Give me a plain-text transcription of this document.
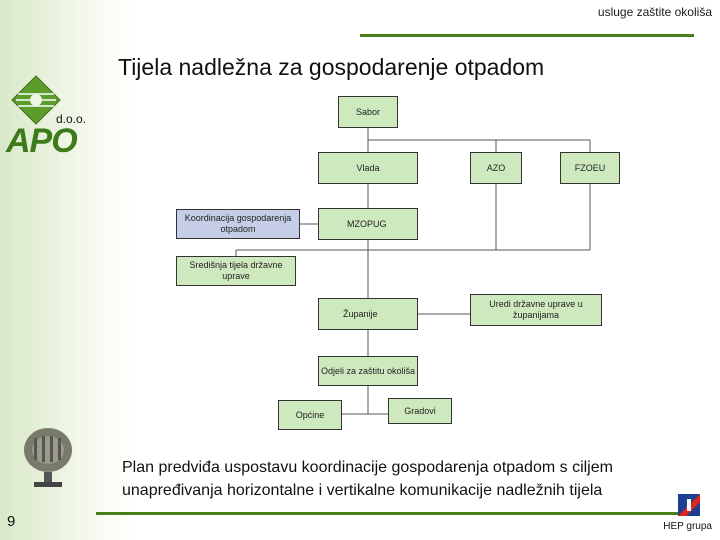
usluge zaštite okoliša
Tijela nadležna za gospodarenje otpadom
APO
d.o.o.
Sabor
Vlada	AZO	FZOEU
MZOPUG
Koordinacija gospodarenja otpadom
Središnja tijela državne uprave
Županije
Uredi državne uprave u županijama
Odjeli za zaštitu okoliša
Općine	Gradovi
Plan predviđa uspostavu koordinacije gospodarenja otpadom s ciljem unapređivanja horizontalne i vertikalne komunikacije nadležnih tijela
9	HEP grupa
